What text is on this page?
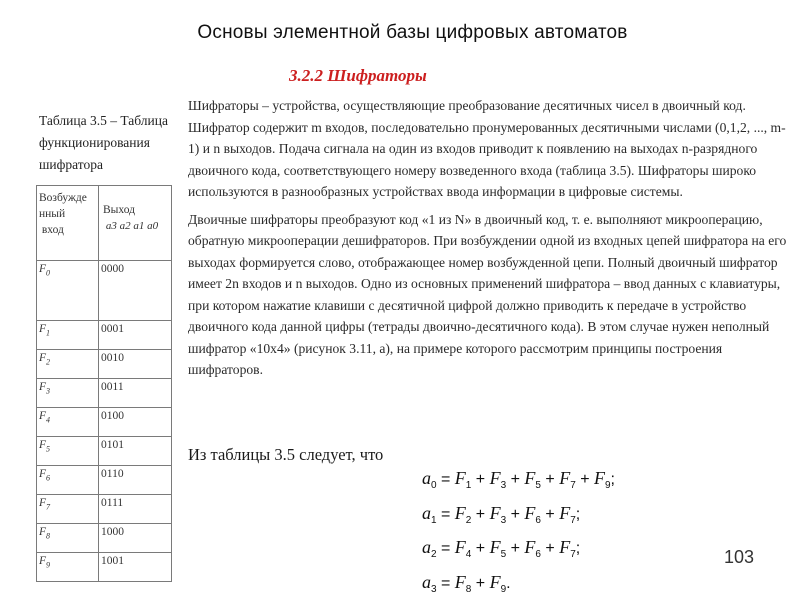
Основы элементной базы цифровых автоматов
3.2.2 Шифраторы
Таблица 3.5 – Таблица функционирования шифратора
Возбужде
нный
вход	Выход
a3 a2 a1 a0
$F_0$	0000
$F_1$	0001
$F_2$	0010
$F_3$	0011
$F_4$	0100
$F_5$	0101
$F_6$	0110
$F_7$	0111
$F_8$	1000
$F_9$	1001

Шифраторы – устройства, осуществляющие преобразование десятичных чисел в двоичный код. Шифратор содержит m входов, последовательно пронумерованных десятичными числами (0,1,2, ..., m-1) и n выходов. Подача сигнала на один из входов приводит к появлению на выходах n-разрядного двоичного кода, соответствующего номеру возведенного входа (таблица 3.5). Шифраторы широко используются в разнообразных устройствах ввода информации в цифровые системы.

Двоичные шифраторы преобразуют код «1 из N» в двоичный код, т. е. выполняют микрооперацию, обратную микрооперации дешифраторов. При возбуждении одной из входных цепей шифратора на его выходах формируется слово, отображающее номер возбужденной цепи. Полный двоичный шифратор имеет 2n входов и n выходов. Одно из основных применений шифратора – ввод данных с клавиатуры, при котором нажатие клавиши с десятичной цифрой должно приводить к передаче в устройство двоичного кода данной цифры (тетрады двоично-десятичного кода). В этом случае нужен неполный шифратор «10х4» (рисунок 3.11, а), на примере которого рассмотрим принципы построения шифраторов.

Из таблицы 3.5 следует, что
$a_0 = F_1 + F_3 + F_5 + F_7 + F_9$;
$a_1 = F_2 + F_3 + F_6 + F_7$;
$a_2 = F_4 + F_5 + F_6 + F_7$;
$a_3 = F_8 + F_9$.
103
